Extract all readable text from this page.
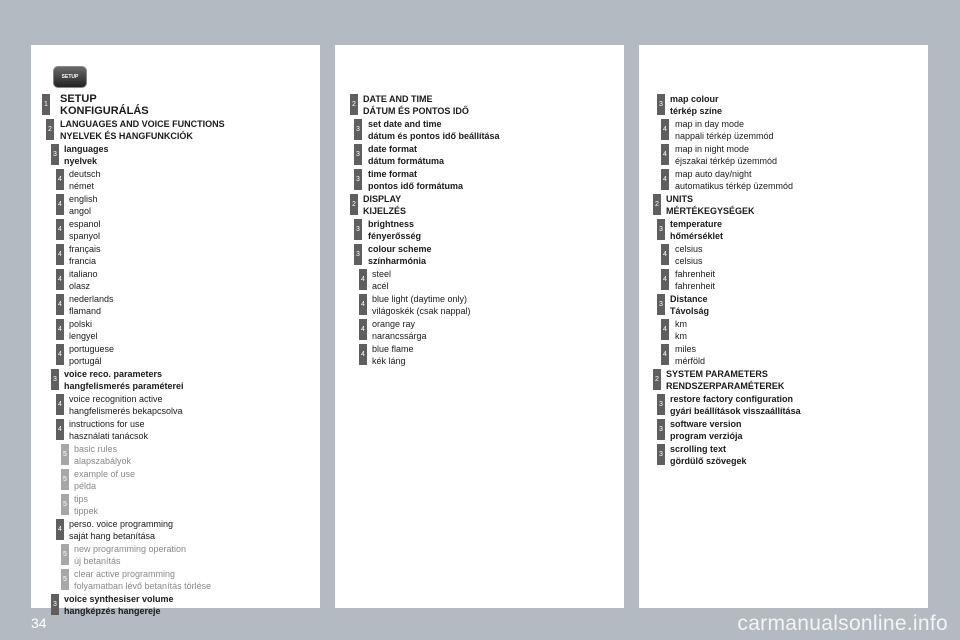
SETUP
1 SETUP
KONFIGURÁLÁS
2
LANGUAGES AND VOICE FUNCTIONS
NYELVEK ÉS HANGFUNKCIÓK
3
languages
nyelvek
4
deutsch
német
4
english
angol
4
espanol
spanyol
4
français
francia
4
italiano
olasz
4
nederlands
flamand
4
polski
lengyel
4
portuguese
portugál
3
voice reco. parameters
hangfelismerés paraméterei
4
voice recognition active
hangfelismerés bekapcsolva
4
instructions for use
használati tanácsok
5
basic rules
alapszabályok
5
example of use
példa
5
tips
tippek
4
perso. voice programming
saját hang betanítása
5
new programming operation
új betanítás
5
clear active programming
folyamatban lévő betanítás törlése
3
voice synthesiser volume
hangképzés hangereje
2
DATE AND TIME
DÁTUM ÉS PONTOS IDŐ
3
set date and time
dátum és pontos idő beállítása
3
date format
dátum formátuma
3
time format
pontos idő formátuma
2
DISPLAY
KIJELZÉS
3
brightness
fényerősség
3
colour scheme
színharmónia
4
steel
acél
4
blue light (daytime only)
világoskék (csak nappal)
4
orange ray
narancssárga
4
blue flame
kék láng
3
map colour
térkép színe
4
map in day mode
nappali térkép üzemmód
4
map in night mode
éjszakai térkép üzemmód
4
map auto day/night
automatikus térkép üzemmód
2
UNITS
MÉRTÉKEGYSÉGEK
3
temperature
hőmérséklet
4
celsius
celsius
4
fahrenheit
fahrenheit
3
Distance
Távolság
4
km
km
4
miles
mérföld
2
SYSTEM PARAMETERS
RENDSZERPARAMÉTEREK
3
restore factory configuration
gyári beállítások visszaállítása
3
software version
program verziója
3
scrolling text
gördülő szövegek
34	carmanualsonline.info
